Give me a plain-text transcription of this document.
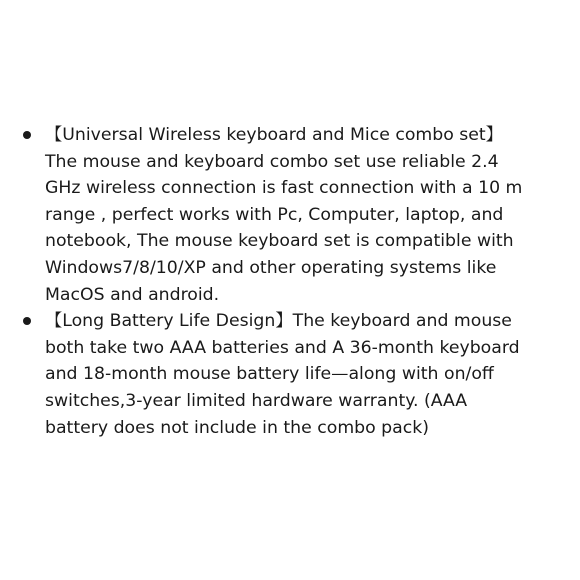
【Universal Wireless keyboard and Mice combo set】
The mouse and keyboard combo set use reliable 2.4
GHz wireless connection is fast connection with a 10 m
range , perfect works with Pc, Computer, laptop, and
notebook, The mouse keyboard set is compatible with
Windows7/8/10/XP and other operating systems like
MacOS and android.
【Long Battery Life Design】The keyboard and mouse
both take two AAA batteries and A 36-month keyboard
and 18-month mouse battery life—along with on/off
switches,3-year limited hardware warranty. (AAA
battery does not include in the combo pack)
